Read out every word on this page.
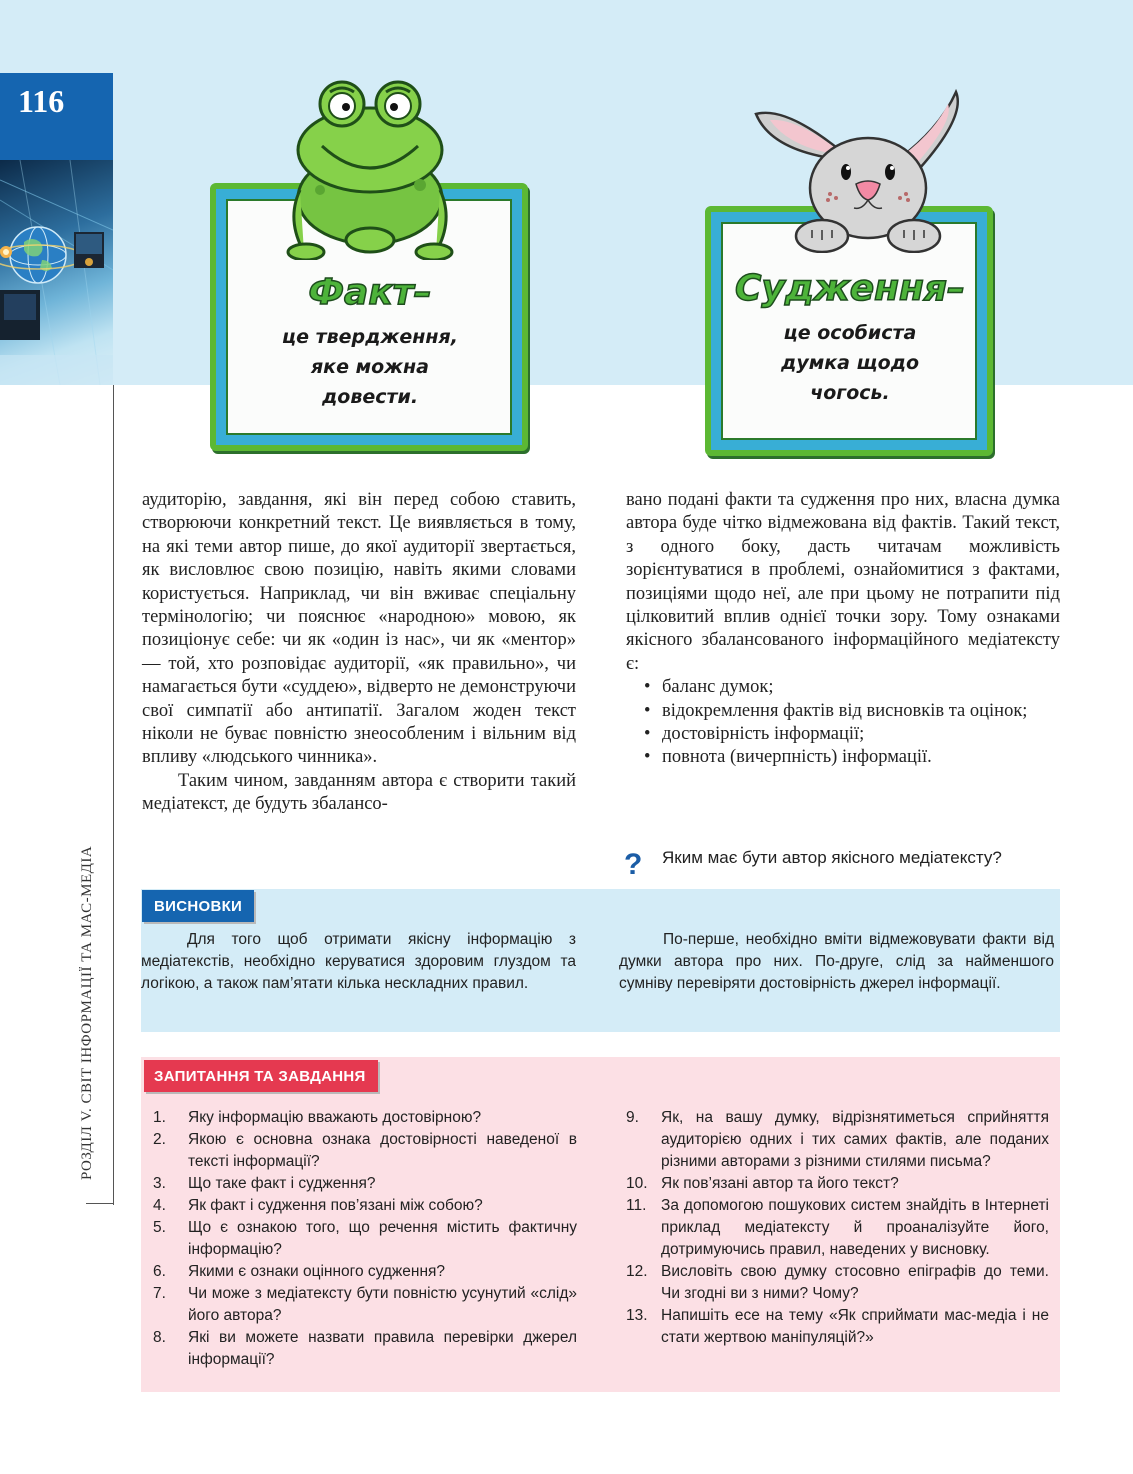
116
РОЗДІЛ V. СВІТ ІНФОРМАЦІЇ ТА МАС-МЕДІА
Факт–
це твердження,
яке можна
довести.
Судження–
це особиста
думка щодо
чогось.

аудиторію, завдання, які він перед собою ставить, створюючи конкретний текст. Це виявляється в тому, на які теми автор пише, до якої аудиторії звертається, як висловлює свою позицію, навіть якими словами користується. Наприклад, чи він вживає спеціальну термінологію; чи пояснює «народною» мовою, як позиціонує себе: чи як «один із нас», чи як «ментор» — той, хто розповідає аудиторії, «як правильно», чи намагається бути «суддею», відверто не демонструючи свої симпатії або антипатії. Загалом жоден текст ніколи не буває повністю знеособленим і вільним від впливу «людського чинника».

Таким чином, завданням автора є створити такий медіатекст, де будуть збалансо-

вано подані факти та судження про них, власна думка автора буде чітко відмежована від фактів. Такий текст, з одного боку, дасть читачам можливість зорієнтуватися в проблемі, ознайомитися з фактами, позиціями щодо неї, але при цьому не потрапити під цілковитий вплив однієї точки зору. Тому ознаками якісного збалансованого інформаційного медіатексту є:

• баланс думок;
• відокремлення фактів від висновків та оцінок;
• достовірність інформації;
• повнота (вичерпність) інформації.
? Яким має бути автор якісного медіатексту?
ВИСНОВКИ
Для того щоб отримати якісну інформацію з медіатекстів, необхідно керуватися здоровим глуздом та логікою, а також пам’ятати кілька нескладних правил.
По-перше, необхідно вміти відмежовувати факти від думки автора про них. По-друге, слід за найменшого сумніву перевіряти достовірність джерел інформації.
ЗАПИТАННЯ ТА ЗАВДАННЯ
1. Яку інформацію вважають достовірною?
2. Якою є основна ознака достовірності наведеної в тексті інформації?
3. Що таке факт і судження?
4. Як факт і судження пов’язані між собою?
5. Що є ознакою того, що речення містить фактичну інформацію?
6. Якими є ознаки оцінного судження?
7. Чи може з медіатексту бути повністю усунутий «слід» його автора?
8. Які ви можете назвати правила перевірки джерел інформації?
9. Як, на вашу думку, відрізнятиметься сприйняття аудиторією одних і тих самих фактів, але поданих різними авторами з різними стилями письма?
10. Як пов’язані автор та його текст?
11. За допомогою пошукових систем знайдіть в Інтернеті приклад медіатексту й проаналізуйте його, дотримуючись правил, наведених у висновку.
12. Висловіть свою думку стосовно епіграфів до теми. Чи згодні ви з ними? Чому?
13. Напишіть есе на тему «Як сприймати мас-медіа і не стати жертвою маніпуляцій?»
